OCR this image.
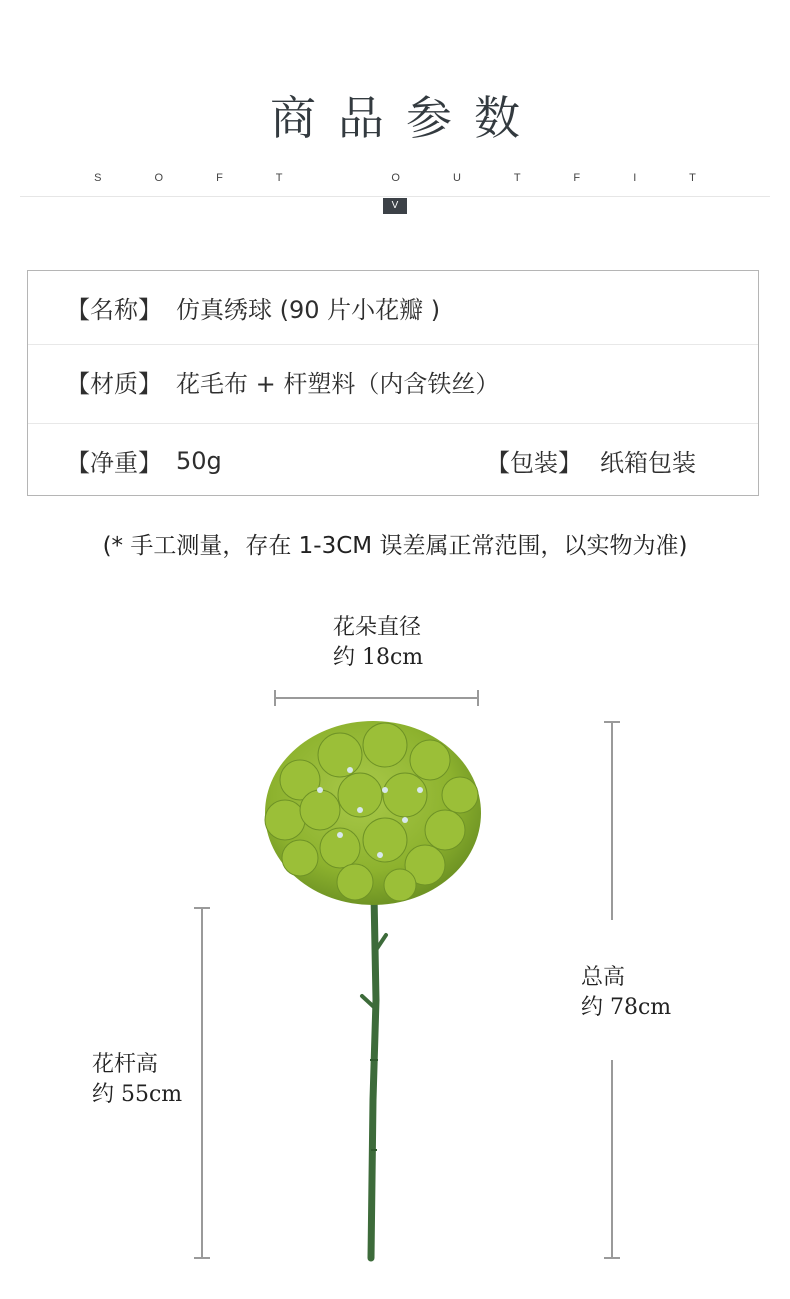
商品参数
S O F T   O U T F I T
V
【名称】 仿真绣球 (90 片小花瓣 )
【材质】 花毛布 + 杆塑料（内含铁丝）
【净重】 50g	【包装】 纸箱包装
(* 手工测量，存在 1-3CM 误差属正常范围，以实物为准)
花朵直径
约 18cm
总高
约 78cm
花杆高
约 55cm
